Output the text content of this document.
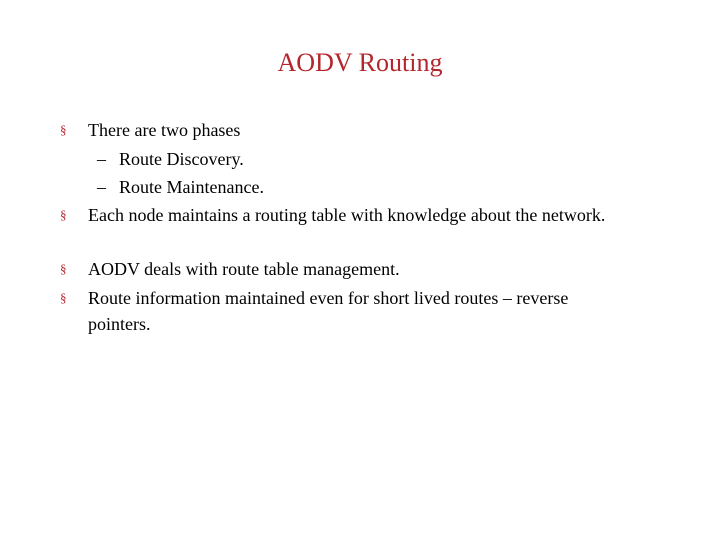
AODV Routing
§ There are two phases
– Route Discovery.
– Route Maintenance.
§ Each node maintains a routing table with knowledge about the network.
§ AODV deals with route table management.
§ Route information maintained even for short lived routes – reverse
pointers.
